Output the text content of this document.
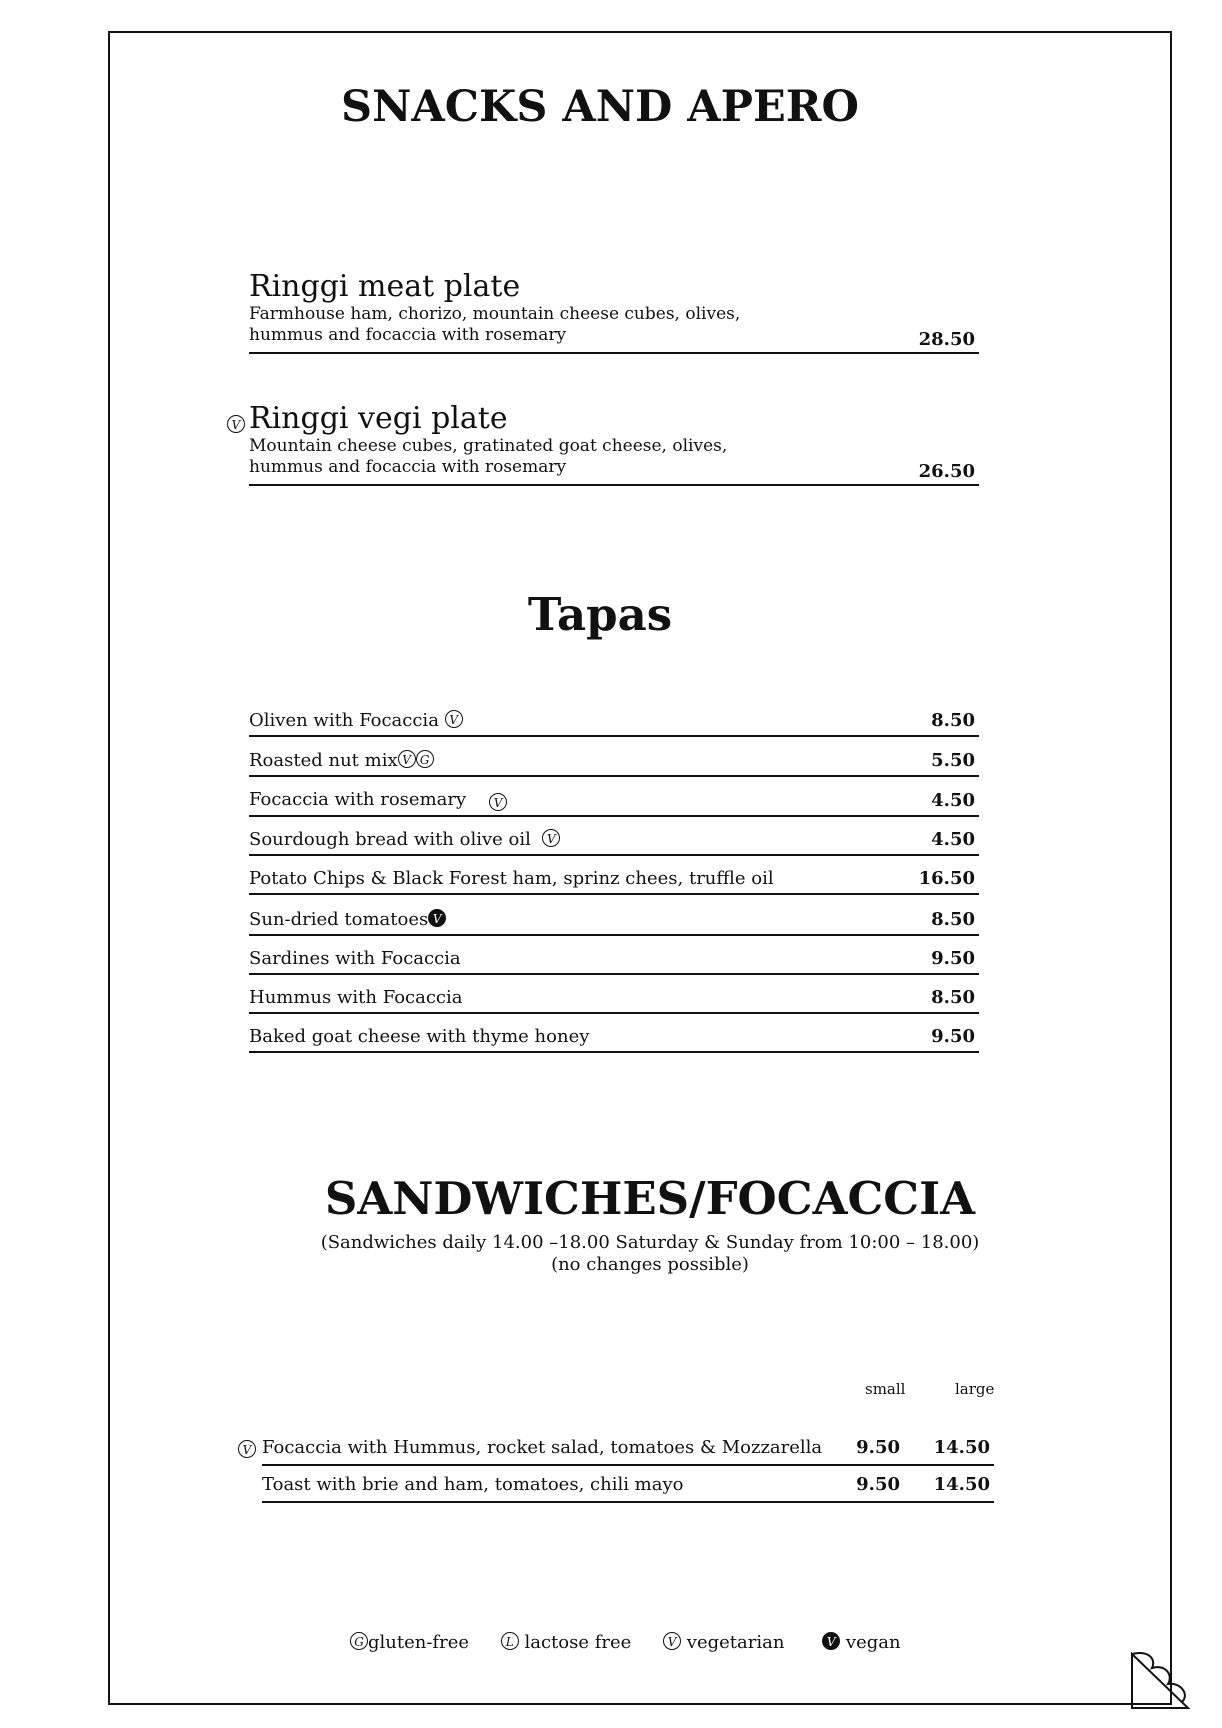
SNACKS AND APERO
Ringgi meat plate
Farmhouse ham, chorizo, mountain cheese cubes, olives,
hummus and focaccia with rosemary	28.50
V Ringgi vegi plate
Mountain cheese cubes, gratinated goat cheese, olives,
hummus and focaccia with rosemary	26.50
Tapas
Oliven with Focaccia V	8.50
Roasted nut mix V G	5.50
Focaccia with rosemary V	4.50
Sourdough bread with olive oil V	4.50
Potato Chips & Black Forest ham, sprinz chees, truffle oil	16.50
Sun-dried tomatoes V	8.50
Sardines with Focaccia	9.50
Hummus with Focaccia	8.50
Baked goat cheese with thyme honey	9.50
SANDWICHES/FOCACCIA
(Sandwiches daily 14.00 –18.00 Saturday & Sunday from 10:00 – 18.00)
(no changes possible)
small	large
V Focaccia with Hummus, rocket salad, tomatoes & Mozzarella 9.50 14.50
Toast with brie and ham, tomatoes, chili mayo	9.50 14.50
G gluten-free	L lactose free	V vegetarian	V vegan
